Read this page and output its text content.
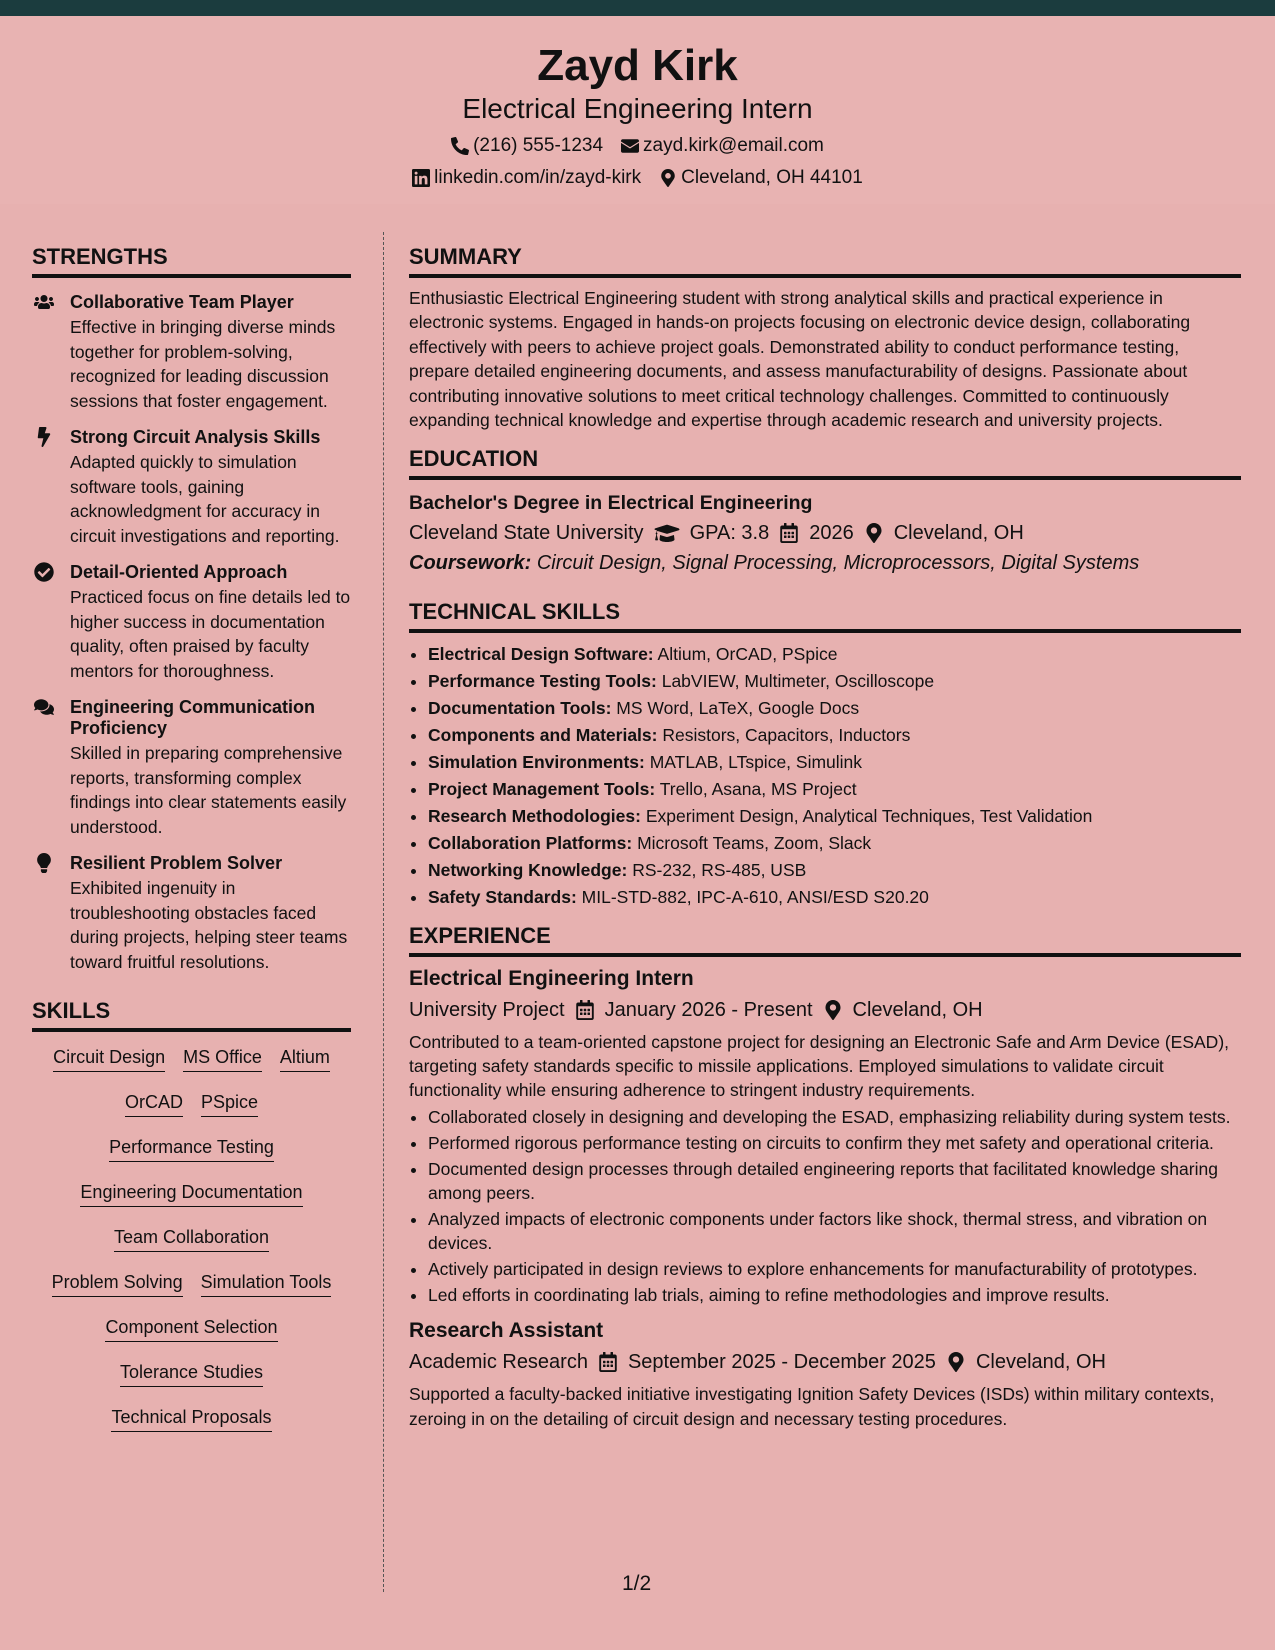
Zayd Kirk
Electrical Engineering Intern
(216) 555-1234 zayd.kirk@email.com
linkedin.com/in/zayd-kirk Cleveland, OH 44101
STRENGTHS
Collaborative Team Player
Effective in bringing diverse minds together for problem-solving, recognized for leading discussion sessions that foster engagement.
Strong Circuit Analysis Skills
Adapted quickly to simulation software tools, gaining acknowledgment for accuracy in circuit investigations and reporting.
Detail-Oriented Approach
Practiced focus on fine details led to higher success in documentation quality, often praised by faculty mentors for thoroughness.
Engineering Communication Proficiency
Skilled in preparing comprehensive reports, transforming complex findings into clear statements easily understood.
Resilient Problem Solver
Exhibited ingenuity in troubleshooting obstacles faced during projects, helping steer teams toward fruitful resolutions.
SKILLS
Circuit Design MS Office Altium
OrCAD PSpice
Performance Testing
Engineering Documentation
Team Collaboration
Problem Solving Simulation Tools
Component Selection
Tolerance Studies
Technical Proposals
SUMMARY

Enthusiastic Electrical Engineering student with strong analytical skills and practical experience in electronic systems. Engaged in hands-on projects focusing on electronic device design, collaborating effectively with peers to achieve project goals. Demonstrated ability to conduct performance testing, prepare detailed engineering documents, and assess manufacturability of designs. Passionate about contributing innovative solutions to meet critical technology challenges. Committed to continuously expanding technical knowledge and expertise through academic research and university projects.

EDUCATION
Bachelor's Degree in Electrical Engineering
Cleveland State University GPA: 3.8 2026 Cleveland, OH
Coursework: Circuit Design, Signal Processing, Microprocessors, Digital Systems
TECHNICAL SKILLS
• Electrical Design Software: Altium, OrCAD, PSpice
• Performance Testing Tools: LabVIEW, Multimeter, Oscilloscope
• Documentation Tools: MS Word, LaTeX, Google Docs
• Components and Materials: Resistors, Capacitors, Inductors
• Simulation Environments: MATLAB, LTspice, Simulink
• Project Management Tools: Trello, Asana, MS Project
• Research Methodologies: Experiment Design, Analytical Techniques, Test Validation
• Collaboration Platforms: Microsoft Teams, Zoom, Slack
• Networking Knowledge: RS-232, RS-485, USB
• Safety Standards: MIL-STD-882, IPC-A-610, ANSI/ESD S20.20
EXPERIENCE
Electrical Engineering Intern
University Project January 2026 - Present Cleveland, OH

Contributed to a team-oriented capstone project for designing an Electronic Safe and Arm Device (ESAD), targeting safety standards specific to missile applications. Employed simulations to validate circuit functionality while ensuring adherence to stringent industry requirements.

• Collaborated closely in designing and developing the ESAD, emphasizing reliability during system tests.
• Performed rigorous performance testing on circuits to confirm they met safety and operational criteria.
• Documented design processes through detailed engineering reports that facilitated knowledge sharing among peers.
• Analyzed impacts of electronic components under factors like shock, thermal stress, and vibration on devices.
• Actively participated in design reviews to explore enhancements for manufacturability of prototypes.
• Led efforts in coordinating lab trials, aiming to refine methodologies and improve results.
Research Assistant
Academic Research September 2025 - December 2025 Cleveland, OH

Supported a faculty-backed initiative investigating Ignition Safety Devices (ISDs) within military contexts, zeroing in on the detailing of circuit design and necessary testing procedures.

1/2
